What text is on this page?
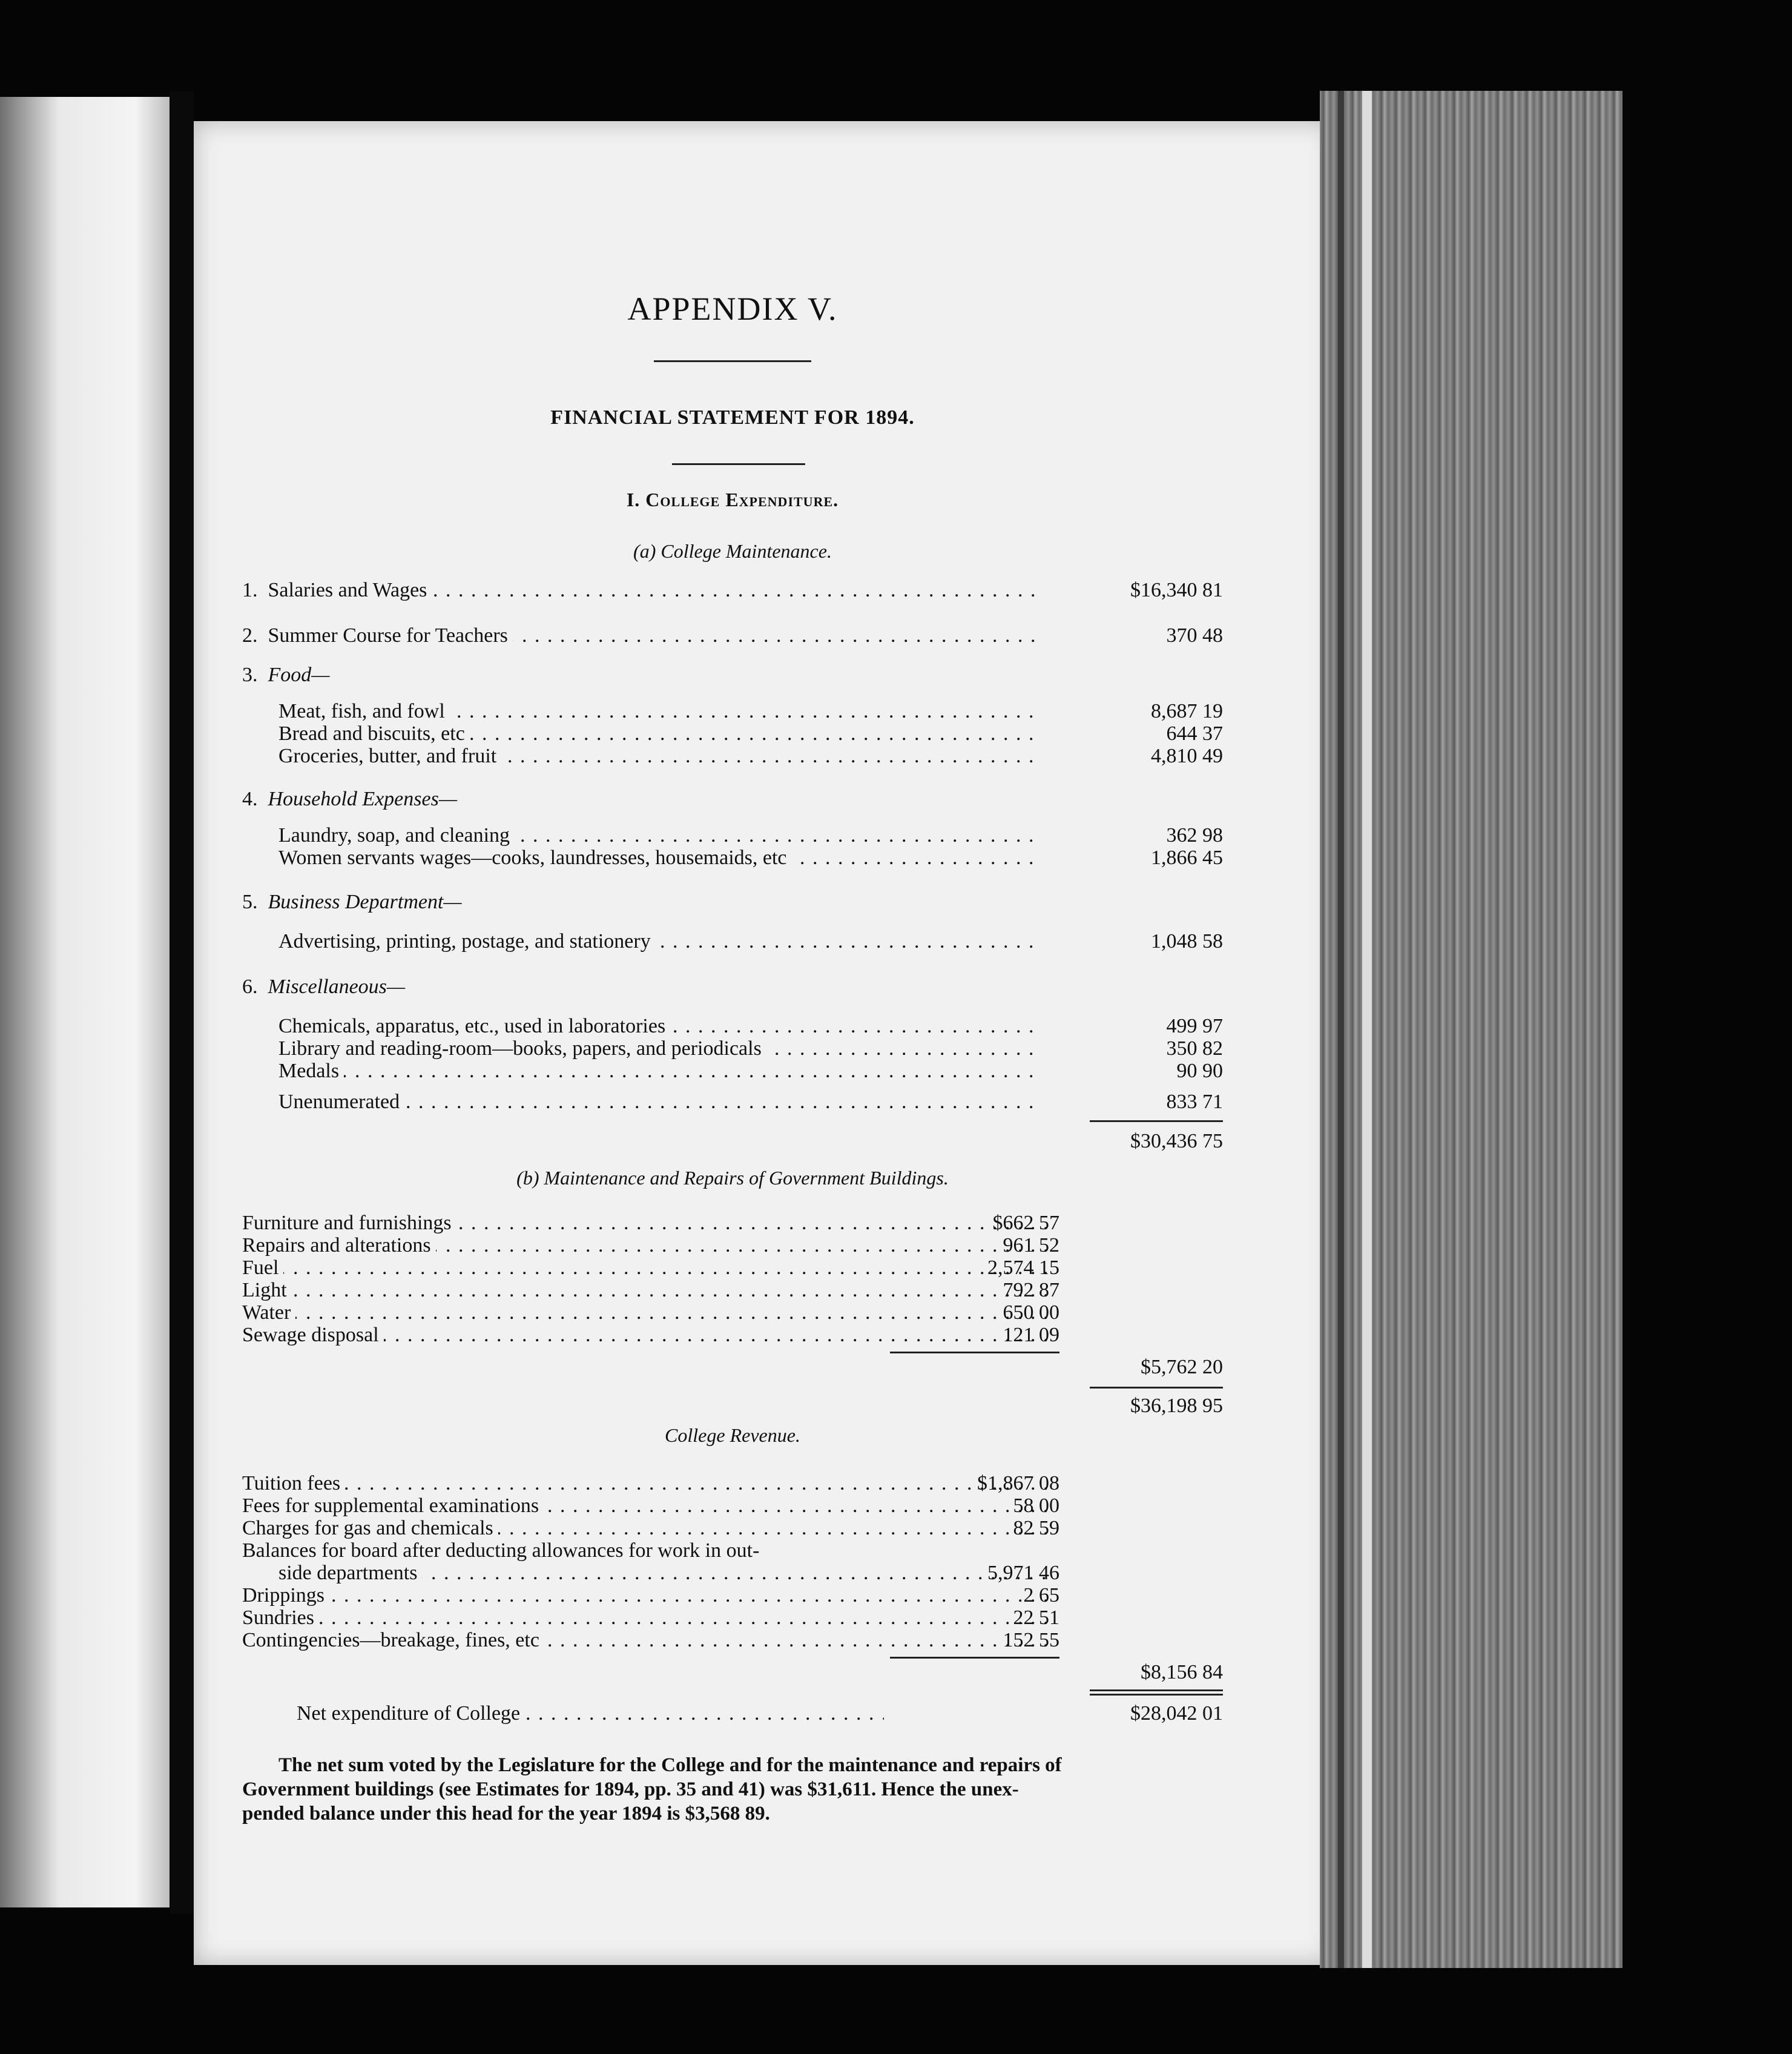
APPENDIX V.
FINANCIAL STATEMENT FOR 1894.
I. College Expenditure.
(a) College Maintenance.
1. Salaries and Wages . . .	$16,340 81
2. Summer Course for Teachers . . .	370 48
3. Food—
Meat, fish, and fowl . . .	8,687 19
Bread and biscuits, etc . . .	644 37
Groceries, butter, and fruit . . .	4,810 49
4. Household Expenses—
Laundry, soap, and cleaning . . .	362 98
Women servants wages—cooks, laundresses, housemaids, etc . . .	1,866 45
5. Business Department—
Advertising, printing, postage, and stationery . . .	1,048 58
6. Miscellaneous—
Chemicals, apparatus, etc., used in laboratories . . .	499 97
Library and reading-room—books, papers, and periodicals . . .	350 82
Medals . . .	90 90
Unenumerated . . .	833 71
$30,436 75
(b) Maintenance and Repairs of Government Buildings.
Furniture and furnishings . . .	$662 57
Repairs and alterations . . .	961 52
Fuel . . .	2,574 15
Light . . .	792 87
Water . . .	650 00
Sewage disposal . . .	121 09
$5,762 20
$36,198 95
College Revenue.
Tuition fees . . .	$1,867 08
Fees for supplemental examinations . . .	58 00
Charges for gas and chemicals . . .	82 59
Balances for board after deducting allowances for work in out-
side departments . . .	5,971 46
Drippings . . .	2 65
Sundries . . .	22 51
Contingencies—breakage, fines, etc . . .	152 55
$8,156 84
Net expenditure of College . . .	$28,042 01
The net sum voted by the Legislature for the College and for the maintenance and repairs of
Government buildings (see Estimates for 1894, pp. 35 and 41) was $31,611. Hence the unex-
pended balance under this head for the year 1894 is $3,568 89.
